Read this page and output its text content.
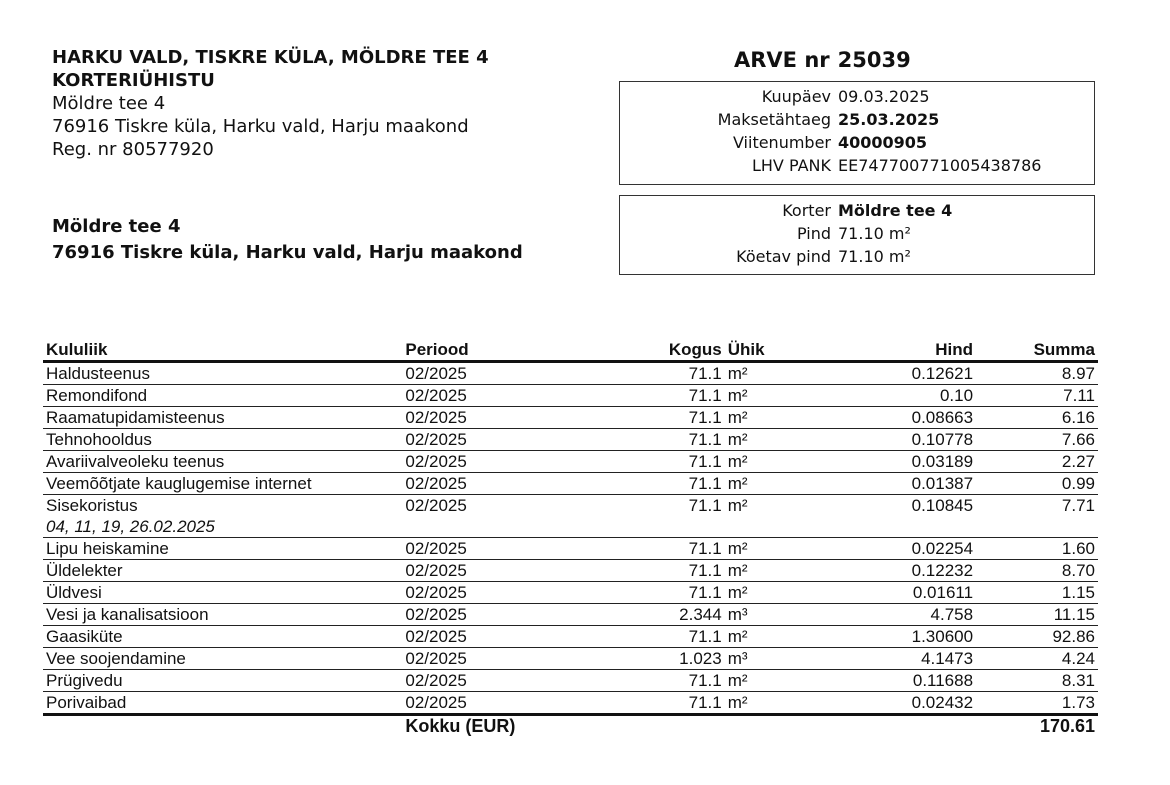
HARKU VALD, TISKRE KÜLA, MÖLDRE TEE 4
KORTERIÜHISTU
Möldre tee 4
76916 Tiskre küla, Harku vald, Harju maakond
Reg. nr 80577920
Möldre tee 4
76916 Tiskre küla, Harku vald, Harju maakond
ARVE nr 25039
Kuupäev 09.03.2025
Maksetähtaeg 25.03.2025
Viitenumber 40000905
LHV PANK EE747700771005438786
Korter Möldre tee 4
Pind 71.10 m²
Köetav pind 71.10 m²
Kululiik	Periood	Kogus	Ühik	Hind	Summa
Haldusteenus	02/2025	71.1	m²	0.12621	8.97
Remondifond	02/2025	71.1	m²	0.10	7.11
Raamatupidamisteenus	02/2025	71.1	m²	0.08663	6.16
Tehnohooldus	02/2025	71.1	m²	0.10778	7.66
Avariivalveoleku teenus	02/2025	71.1	m²	0.03189	2.27
Veemõõtjate kauglugemise internet	02/2025	71.1	m²	0.01387	0.99
Sisekoristus	02/2025	71.1	m²	0.10845	7.71
04, 11, 19, 26.02.2025					
Lipu heiskamine	02/2025	71.1	m²	0.02254	1.60
Üldelekter	02/2025	71.1	m²	0.12232	8.70
Üldvesi	02/2025	71.1	m²	0.01611	1.15
Vesi ja kanalisatsioon	02/2025	2.344	m³	4.758	11.15
Gaasiküte	02/2025	71.1	m²	1.30600	92.86
Vee soojendamine	02/2025	1.023	m³	4.1473	4.24
Prügivedu	02/2025	71.1	m²	0.11688	8.31
Porivaibad	02/2025	71.1	m²	0.02432	1.73
	Kokku (EUR)				170.61
